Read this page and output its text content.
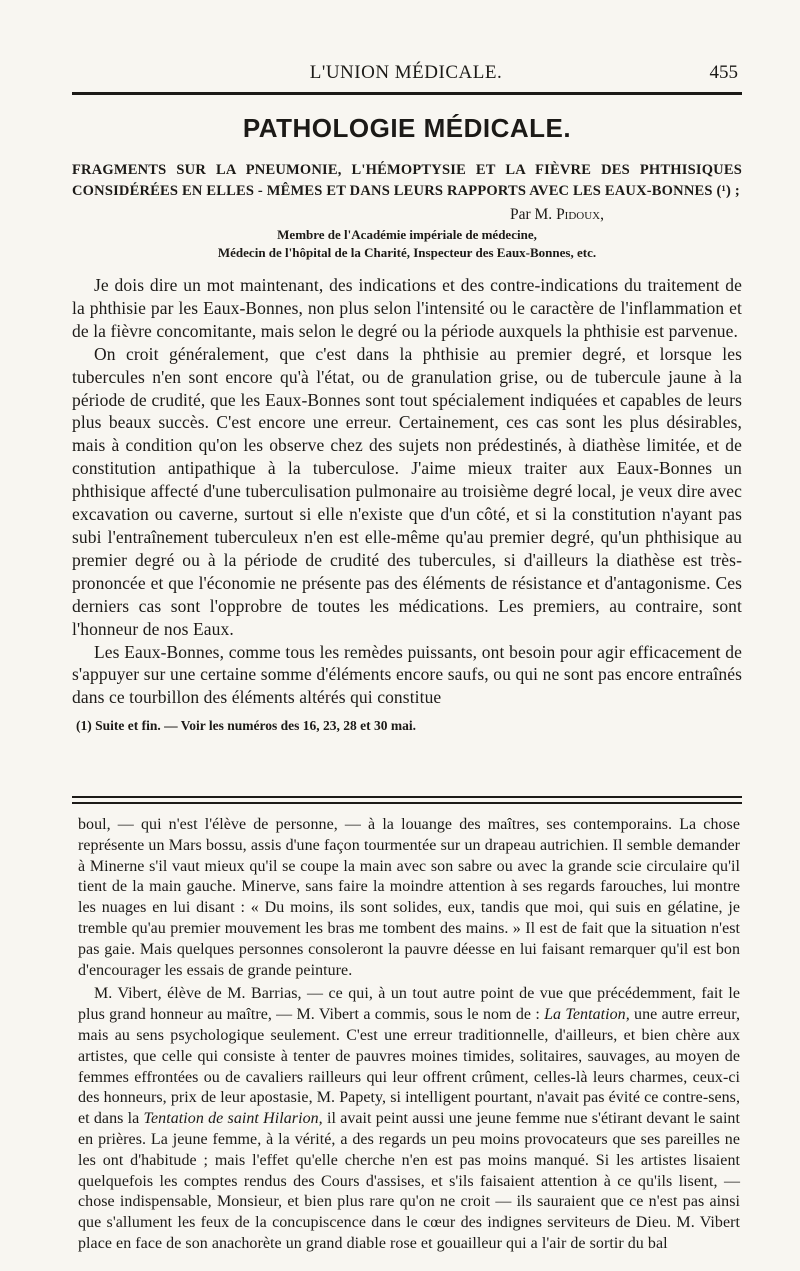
L'UNION MÉDICALE.	455
PATHOLOGIE MÉDICALE.

FRAGMENTS SUR LA PNEUMONIE, L'HÉMOPTYSIE ET LA FIÈVRE DES PHTHISIQUES CONSIDÉRÉES EN ELLES - MÊMES ET DANS LEURS RAPPORTS AVEC LES EAUX-BONNES (¹) ;

Par M. Pidoux,

Membre de l'Académie impériale de médecine,

Médecin de l'hôpital de la Charité, Inspecteur des Eaux-Bonnes, etc.

Je dois dire un mot maintenant, des indications et des contre-indications du traitement de la phthisie par les Eaux-Bonnes, non plus selon l'intensité ou le caractère de l'inflammation et de la fièvre concomitante, mais selon le degré ou la période auxquels la phthisie est parvenue.

On croit généralement, que c'est dans la phthisie au premier degré, et lorsque les tubercules n'en sont encore qu'à l'état, ou de granulation grise, ou de tubercule jaune à la période de crudité, que les Eaux-Bonnes sont tout spécialement indiquées et capables de leurs plus beaux succès. C'est encore une erreur. Certainement, ces cas sont les plus désirables, mais à condition qu'on les observe chez des sujets non prédestinés, à diathèse limitée, et de constitution antipathique à la tuberculose. J'aime mieux traiter aux Eaux-Bonnes un phthisique affecté d'une tuberculisation pulmonaire au troisième degré local, je veux dire avec excavation ou caverne, surtout si elle n'existe que d'un côté, et si la constitution n'ayant pas subi l'entraînement tuberculeux n'en est elle-même qu'au premier degré, qu'un phthisique au premier degré ou à la période de crudité des tubercules, si d'ailleurs la diathèse est très-prononcée et que l'économie ne présente pas des éléments de résistance et d'antagonisme. Ces derniers cas sont l'opprobre de toutes les médications. Les premiers, au contraire, sont l'honneur de nos Eaux.

Les Eaux-Bonnes, comme tous les remèdes puissants, ont besoin pour agir efficacement de s'appuyer sur une certaine somme d'éléments encore saufs, ou qui ne sont pas encore entraînés dans ce tourbillon des éléments altérés qui constitue

(1) Suite et fin. — Voir les numéros des 16, 23, 28 et 30 mai.

boul, — qui n'est l'élève de personne, — à la louange des maîtres, ses contemporains. La chose représente un Mars bossu, assis d'une façon tourmentée sur un drapeau autrichien. Il semble demander à Minerne s'il vaut mieux qu'il se coupe la main avec son sabre ou avec la grande scie circulaire qu'il tient de la main gauche. Minerve, sans faire la moindre attention à ses regards farouches, lui montre les nuages en lui disant : « Du moins, ils sont solides, eux, tandis que moi, qui suis en gélatine, je tremble qu'au premier mouvement les bras me tombent des mains. » Il est de fait que la situation n'est pas gaie. Mais quelques personnes consoleront la pauvre déesse en lui faisant remarquer qu'il est bon d'encourager les essais de grande peinture.

M. Vibert, élève de M. Barrias, — ce qui, à un tout autre point de vue que précédemment, fait le plus grand honneur au maître, — M. Vibert a commis, sous le nom de : La Tentation, une autre erreur, mais au sens psychologique seulement. C'est une erreur traditionnelle, d'ailleurs, et bien chère aux artistes, que celle qui consiste à tenter de pauvres moines timides, solitaires, sauvages, au moyen de femmes effrontées ou de cavaliers railleurs qui leur offrent crûment, celles-là leurs charmes, ceux-ci des honneurs, prix de leur apostasie, M. Papety, si intelligent pourtant, n'avait pas évité ce contre-sens, et dans la Tentation de saint Hilarion, il avait peint aussi une jeune femme nue s'étirant devant le saint en prières. La jeune femme, à la vérité, a des regards un peu moins provocateurs que ses pareilles ne les ont d'habitude ; mais l'effet qu'elle cherche n'en est pas moins manqué. Si les artistes lisaient quelquefois les comptes rendus des Cours d'assises, et s'ils faisaient attention à ce qu'ils lisent, — chose indispensable, Monsieur, et bien plus rare qu'on ne croit — ils sauraient que ce n'est pas ainsi que s'allument les feux de la concupiscence dans le cœur des indignes serviteurs de Dieu. M. Vibert place en face de son anachorète un grand diable rose et gouailleur qui a l'air de sortir du bal
